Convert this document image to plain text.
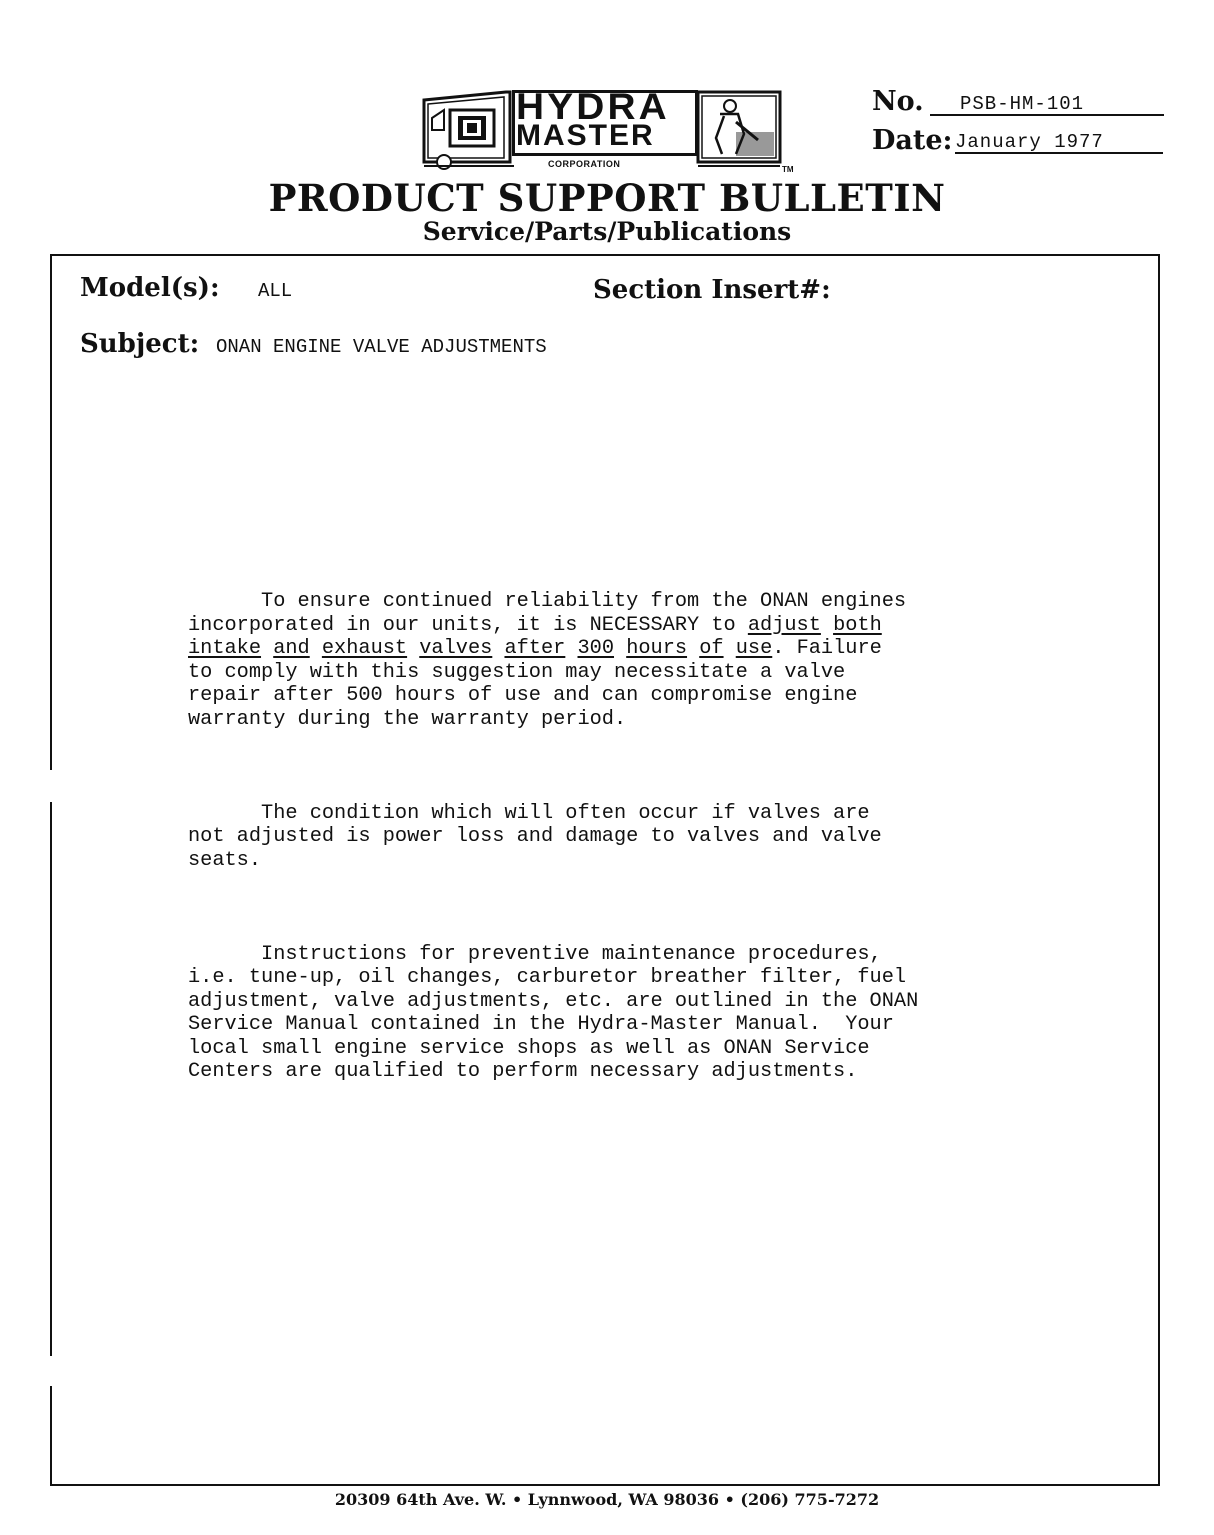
TM
HYDRA
MASTER
CORPORATION
No.	PSB-HM-101
Date: January 1977
PRODUCT SUPPORT BULLETIN
Service/Parts/Publications
Model(s): ALL	Section Insert#:
Subject: ONAN ENGINE VALVE ADJUSTMENTS

To ensure continued reliability from the ONAN engines
incorporated in our units, it is NECESSARY to adjust both
intake and exhaust valves after 300 hours of use. Failure
to comply with this suggestion may necessitate a valve
repair after 500 hours of use and can compromise engine
warranty during the warranty period.

The condition which will often occur if valves are
not adjusted is power loss and damage to valves and valve
seats.

Instructions for preventive maintenance procedures,
i.e. tune-up, oil changes, carburetor breather filter, fuel
adjustment, valve adjustments, etc. are outlined in the ONAN
Service Manual contained in the Hydra-Master Manual.  Your
local small engine service shops as well as ONAN Service
Centers are qualified to perform necessary adjustments.

20309 64th Ave. W. • Lynnwood, WA 98036 • (206) 775-7272
